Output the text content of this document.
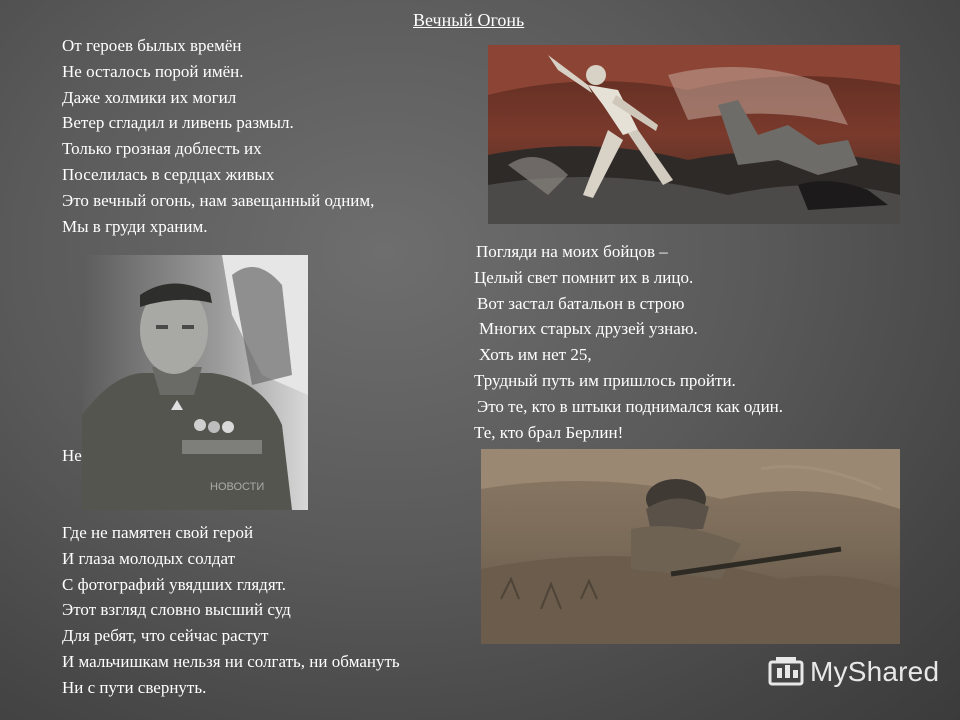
Вечный Огонь
От героев былых времён
Не осталось порой имён.
Даже холмики их могил
Ветер сгладил и ливень размыл.
Только грозная доблесть их
Поселилась в сердцах живых
Это вечный огонь, нам завещанный одним,
Мы в груди храним.
Погляди на моих бойцов –
Целый свет помнит их в лицо.
Вот застал батальон в строю
Многих старых друзей узнаю.
Хоть им нет 25,
Трудный путь им пришлось пройти.
Это те, кто в штыки поднимался как один.
Те, кто брал Берлин!
Не
Где не памятен свой герой
И глаза молодых солдат
С фотографий увядших глядят.
Этот взгляд словно высший суд
Для ребят, что сейчас растут
И мальчишкам нельзя ни солгать, ни обмануть
Ни с пути свернуть.
НОВОСТИ
MyShared
